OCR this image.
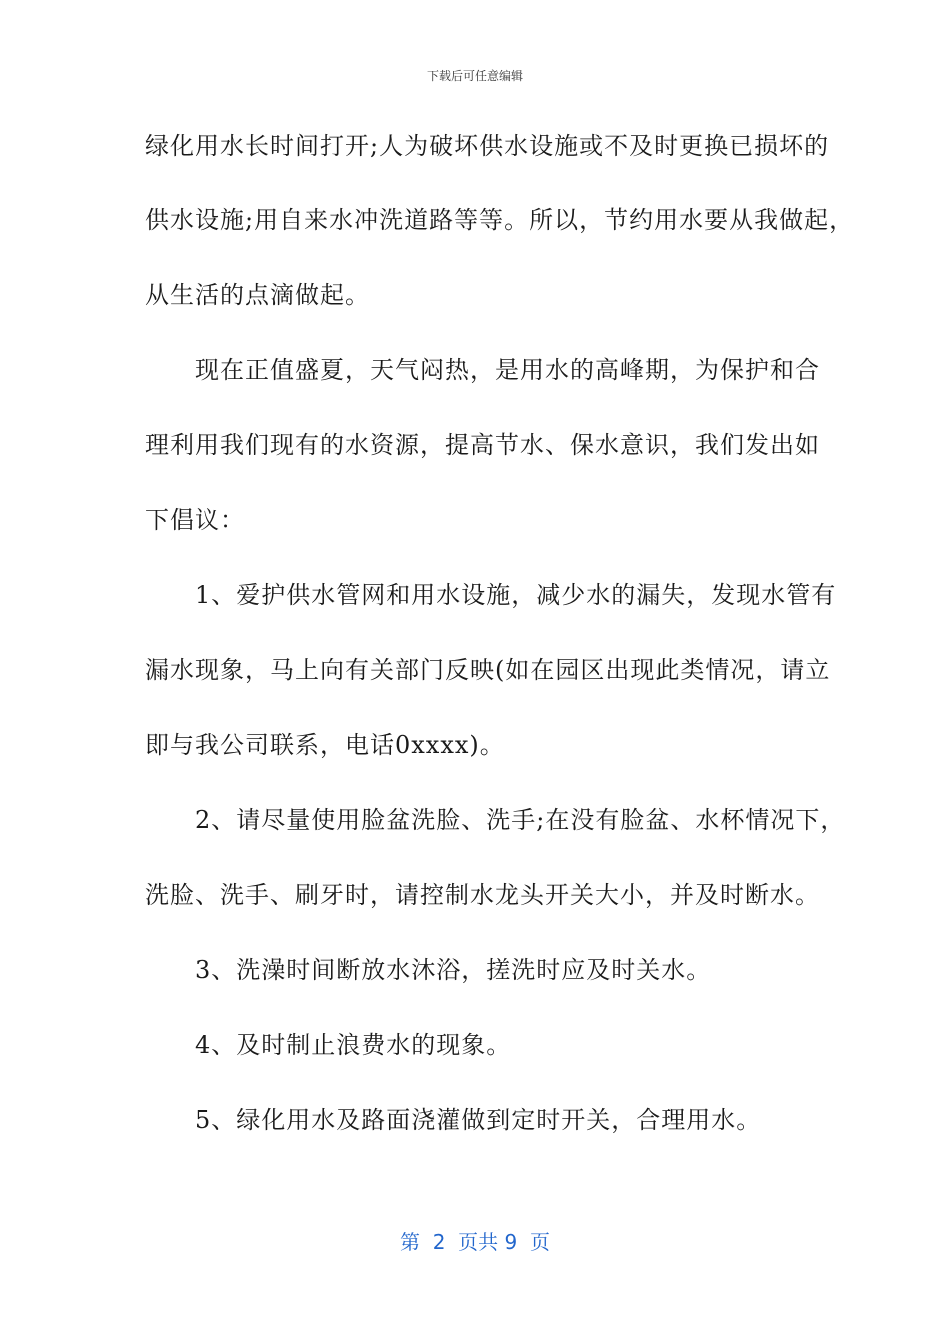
下载后可任意编辑
绿化用水长时间打开;人为破坏供水设施或不及时更换已损坏的
供水设施;用自来水冲洗道路等等。所以，节约用水要从我做起，
从生活的点滴做起。
　　现在正值盛夏，天气闷热，是用水的高峰期，为保护和合
理利用我们现有的水资源，提高节水、保水意识，我们发出如
下倡议：
　　1、爱护供水管网和用水设施，减少水的漏失，发现水管有
漏水现象，马上向有关部门反映(如在园区出现此类情况，请立
即与我公司联系，电话0xxxx)。
　　2、请尽量使用脸盆洗脸、洗手;在没有脸盆、水杯情况下，
洗脸、洗手、刷牙时，请控制水龙头开关大小，并及时断水。
　　3、洗澡时间断放水沐浴，搓洗时应及时关水。
　　4、及时制止浪费水的现象。
　　5、绿化用水及路面浇灌做到定时开关，合理用水。
第  2  页共 9  页
